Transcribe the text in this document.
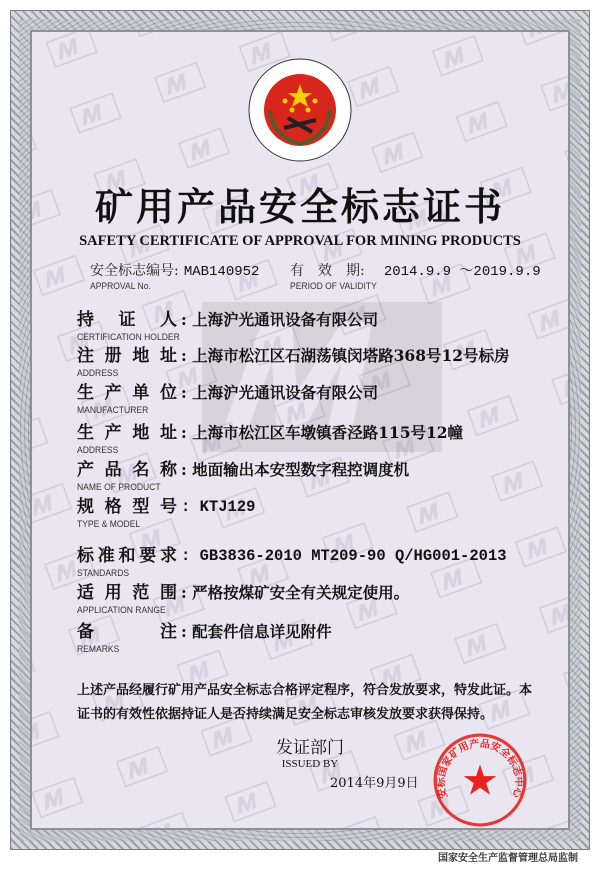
矿用产品安全标志证书
SAFETY CERTIFICATE OF APPROVAL FOR MINING PRODUCTS
安全标志编号: MAB140952
APPROVAL No.
有　效　期: 2014.9.9 ～2019.9.9
PERIOD OF VALIDITY
持证人 : 上海沪光通讯设备有限公司
CERTIFICATION HOLDER
注册地址 : 上海市松江区石湖荡镇闵塔路368号12号标房
ADDRESS
生产单位 : 上海沪光通讯设备有限公司
MANUFACTURER
生产地址 : 上海市松江区车墩镇香泾路115号12幢
ADDRESS
产品名称 : 地面输出本安型数字程控调度机
NAME OF PRODUCT
规格型号 : KTJ129
TYPE & MODEL
标准和要求 : GB3836-2010 MT209-90 Q/HG001-2013
STANDARDS
适用范围 : 严格按煤矿安全有关规定使用。
APPLICATION RANGE
备注 : 配套件信息详见附件
REMARKS
上述产品经履行矿用产品安全标志合格评定程序，符合发放要求，特发此证。本
证书的有效性依据持证人是否持续满足安全标志审核发放要求获得保持。
发证部门
ISSUED BY
2014年9月9日
安标国家矿用产品安全标志中心
国家安全生产监督管理总局监制
